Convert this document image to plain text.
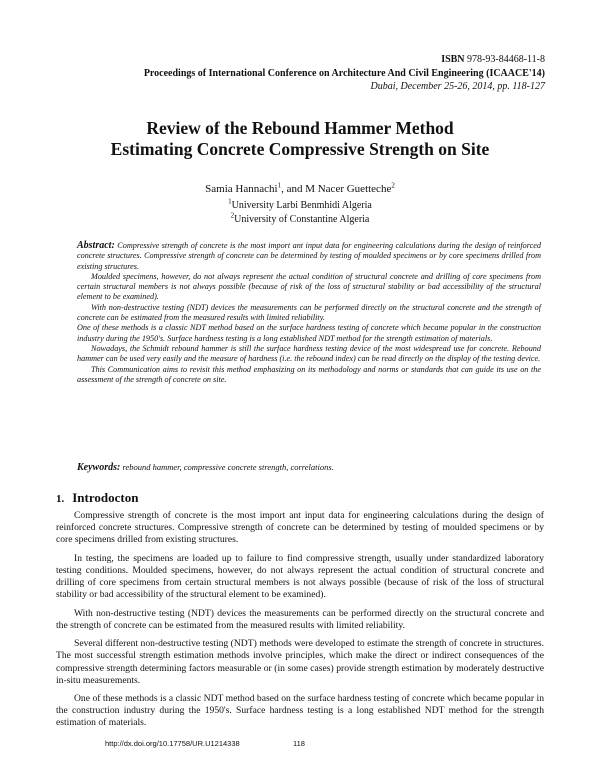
ISBN 978-93-84468-11-8
Proceedings of International Conference on Architecture And Civil Engineering (ICAACE'14)
Dubai, December 25-26, 2014, pp. 118-127
Review of the Rebound Hammer Method
Estimating Concrete Compressive Strength on Site
Samia Hannachi$^1$, and M Nacer Guetteche$^2$
$^1$University Larbi Benmhidi Algeria
$^2$University of Constantine Algeria

Abstract: Compressive strength of concrete is the most import ant input data for engineering calculations during the design of reinforced concrete structures. Compressive strength of concrete can be determined by testing of moulded specimens or by core specimens drilled from existing structures.

Moulded specimens, however, do not always represent the actual condition of structural concrete and drilling of core specimens from certain structural members is not always possible (because of risk of the loss of structural stability or bad accessibility of the structural element to be examined).

With non-destructive testing (NDT) devices the measurements can be performed directly on the structural concrete and the strength of concrete can be estimated from the measured results with limited reliability.

One of these methods is a classic NDT method based on the surface hardness testing of concrete which became popular in the construction industry during the 1950's. Surface hardness testing is a long established NDT method for the strength estimation of materials.

Nowadays, the Schmidt rebound hammer is still the surface hardness testing device of the most widespread use for concrete. Rebound hammer can be used very easily and the measure of hardness (i.e. the rebound index) can be read directly on the display of the testing device.

This Communication aims to revisit this method emphasizing on its methodology and norms or standards that can guide its use on the assessment of the strength of concrete on site.

Keywords: rebound hammer, compressive concrete strength, correlations.
1. Introdocton

Compressive strength of concrete is the most import ant input data for engineering calculations during the design of reinforced concrete structures. Compressive strength of concrete can be determined by testing of moulded specimens or by core specimens drilled from existing structures.

In testing, the specimens are loaded up to failure to find compressive strength, usually under standardized laboratory testing conditions. Moulded specimens, however, do not always represent the actual condition of structural concrete and drilling of core specimens from certain structural members is not always possible (because of risk of the loss of structural stability or bad accessibility of the structural element to be examined).

With non-destructive testing (NDT) devices the measurements can be performed directly on the structural concrete and the strength of concrete can be estimated from the measured results with limited reliability.

Several different non-destructive testing (NDT) methods were developed to estimate the strength of concrete in structures. The most successful strength estimation methods involve principles, which make the direct or indirect consequences of the compressive strength determining factors measurable or (in some cases) provide strength estimation by moderately destructive in-situ measurements.

One of these methods is a classic NDT method based on the surface hardness testing of concrete which became popular in the construction industry during the 1950's. Surface hardness testing is a long established NDT method for the strength estimation of materials.

http://dx.doi.org/10.17758/UR.U1214338	118
